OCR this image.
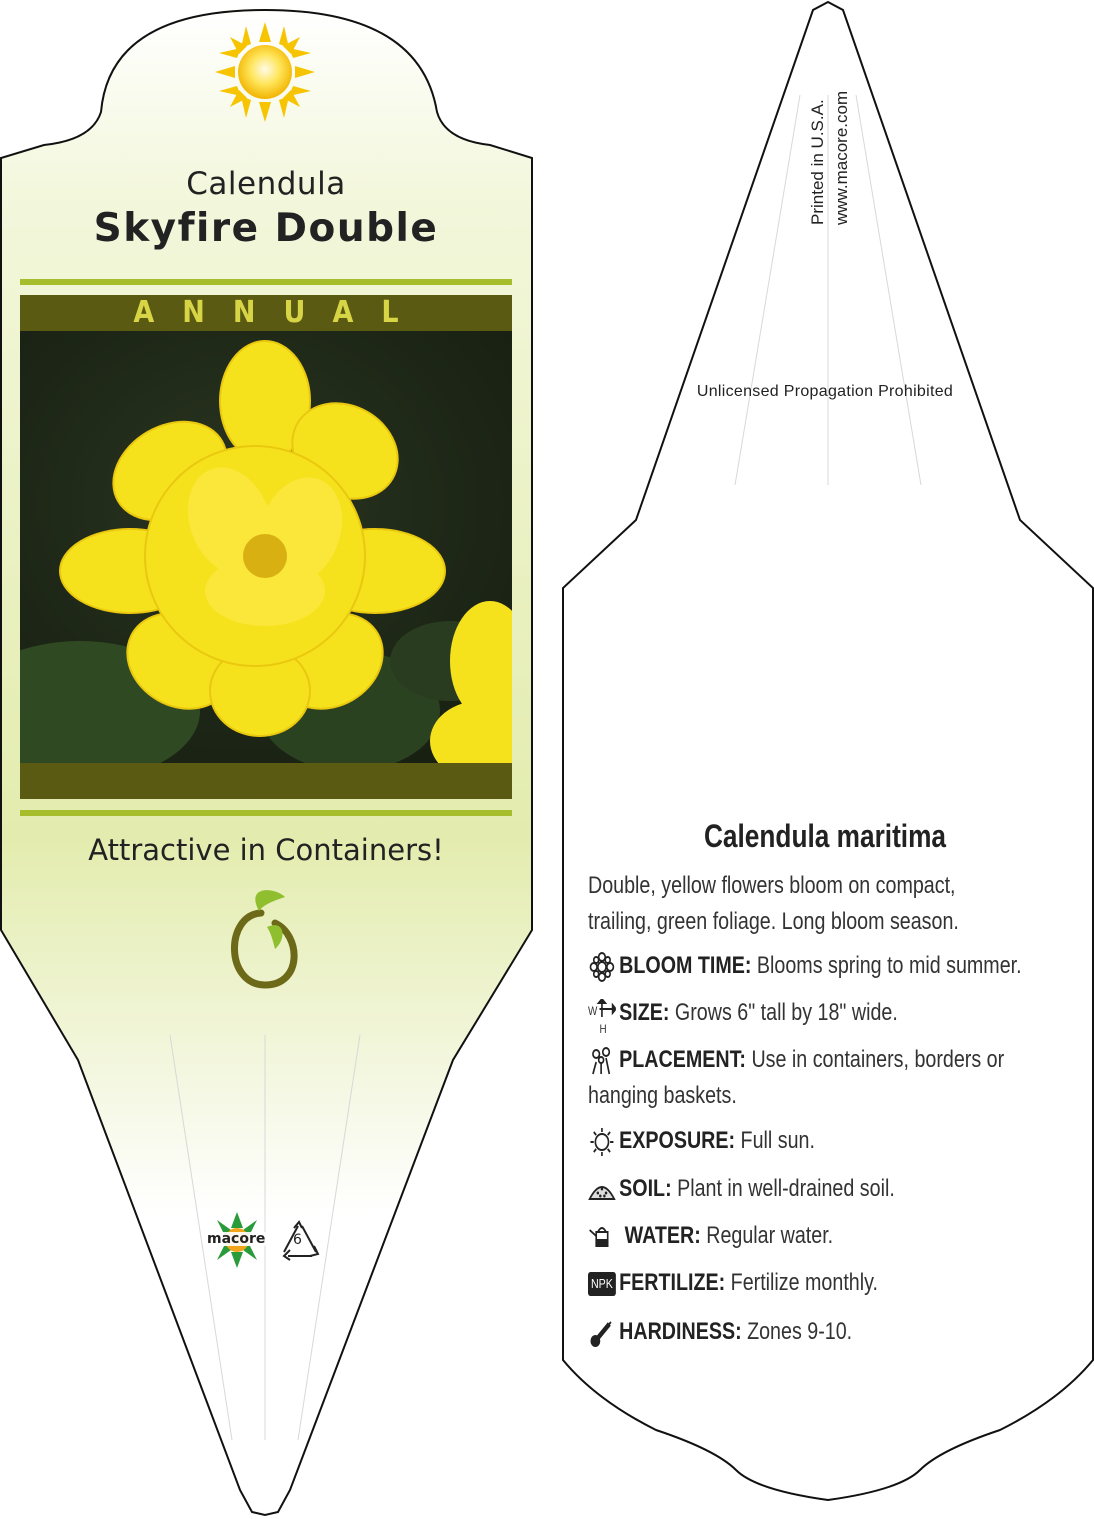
Calendula
Skyfire Double
ANNUAL
Attractive in Containers!
macore 6
Printed in U.S.A. www.macore.com
Unlicensed Propagation Prohibited
Calendula maritima
Double, yellow flowers bloom on compact,
trailing, green foliage. Long bloom season.
BLOOM TIME: Blooms spring to mid summer.
W
H
SIZE: Grows 6" tall by 18" wide.
PLACEMENT: Use in containers, borders or
hanging baskets.
EXPOSURE: Full sun.
SOIL: Plant in well-drained soil.
WATER: Regular water.
NPK FERTILIZE: Fertilize monthly.
HARDINESS: Zones 9-10.
